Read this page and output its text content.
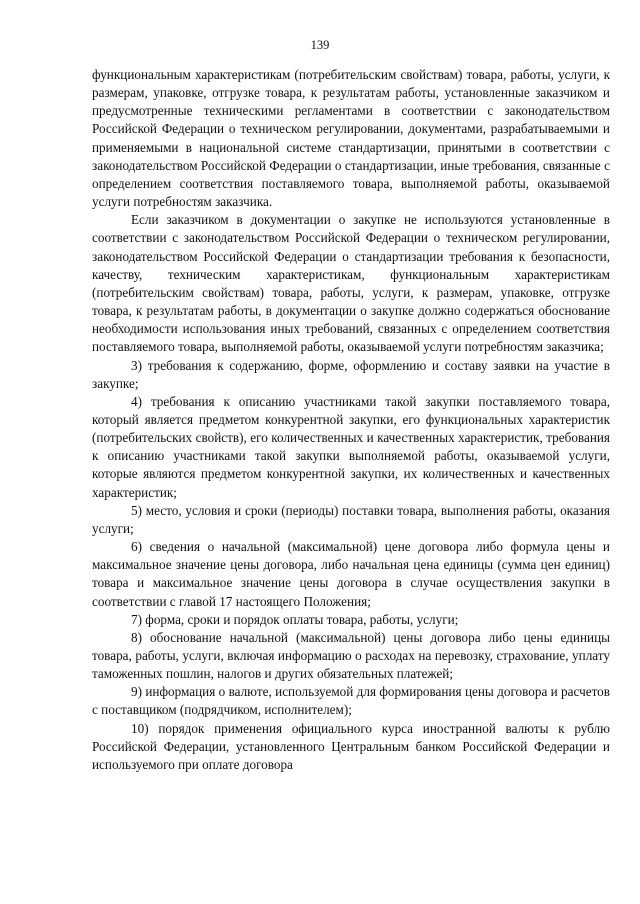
139

функциональным характеристикам (потребительским свойствам) товара, работы, услуги, к размерам, упаковке, отгрузке товара, к результатам работы, установленные заказчиком и предусмотренные техническими регламентами в соответствии с законодательством Российской Федерации о техническом регулировании, документами, разрабатываемыми и применяемыми в национальной системе стандартизации, принятыми в соответствии с законодательством Российской Федерации о стандартизации, иные требования, связанные с определением соответствия поставляемого товара, выполняемой работы, оказываемой услуги потребностям заказчика.

Если заказчиком в документации о закупке не используются установленные в соответствии с законодательством Российской Федерации о техническом регулировании, законодательством Российской Федерации о стандартизации требования к безопасности, качеству, техническим характеристикам, функциональным характеристикам (потребительским свойствам) товара, работы, услуги, к размерам, упаковке, отгрузке товара, к результатам работы, в документации о закупке должно содержаться обоснование необходимости использования иных требований, связанных с определением соответствия поставляемого товара, выполняемой работы, оказываемой услуги потребностям заказчика;

3) требования к содержанию, форме, оформлению и составу заявки на участие в закупке;

4) требования к описанию участниками такой закупки поставляемого товара, который является предметом конкурентной закупки, его функциональных характеристик (потребительских свойств), его количественных и качественных характеристик, требования к описанию участниками такой закупки выполняемой работы, оказываемой услуги, которые являются предметом конкурентной закупки, их количественных и качественных характеристик;

5) место, условия и сроки (периоды) поставки товара, выполнения работы, оказания услуги;

6) сведения о начальной (максимальной) цене договора либо формула цены и максимальное значение цены договора, либо начальная цена единицы (сумма цен единиц) товара и максимальное значение цены договора в случае осуществления закупки в соответствии с главой 17 настоящего Положения;

7) форма, сроки и порядок оплаты товара, работы, услуги;

8) обоснование начальной (максимальной) цены договора либо цены единицы товара, работы, услуги, включая информацию о расходах на перевозку, страхование, уплату таможенных пошлин, налогов и других обязательных платежей;

9) информация о валюте, используемой для формирования цены договора и расчетов с поставщиком (подрядчиком, исполнителем);

10) порядок применения официального курса иностранной валюты к рублю Российской Федерации, установленного Центральным банком Российской Федерации и используемого при оплате договора
